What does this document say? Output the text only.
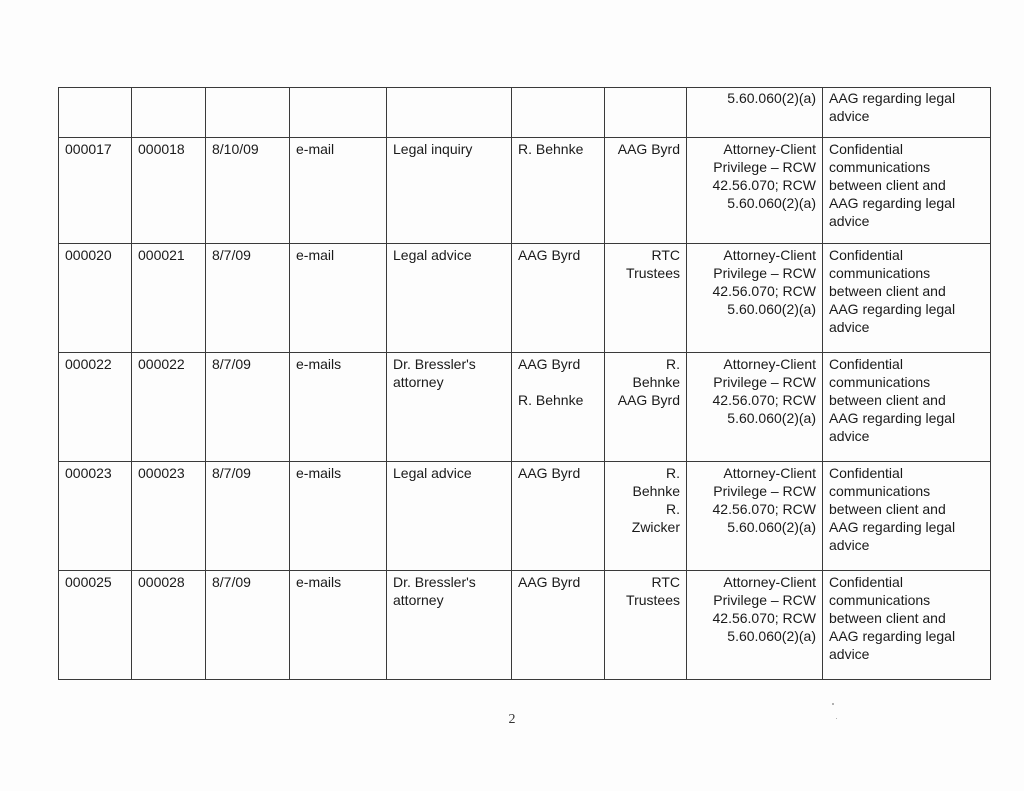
							5.60.060(2)(a)	AAG regarding legal
advice

000017	000018	8/10/09	e-mail	Legal inquiry	R. Behnke	AAG Byrd	Attorney-Client
Privilege – RCW
42.56.070; RCW
5.60.060(2)(a)	Confidential
communications
between client and
AAG regarding legal
advice

000020	000021	8/7/09	e-mail	Legal advice	AAG Byrd	RTC
Trustees	Attorney-Client
Privilege – RCW
42.56.070; RCW
5.60.060(2)(a)	Confidential
communications
between client and
AAG regarding legal
advice

000022	000022	8/7/09	e-mails	Dr. Bressler's
attorney	AAG Byrd
R. Behnke	R.
Behnke
AAG Byrd	Attorney-Client
Privilege – RCW
42.56.070; RCW
5.60.060(2)(a)	Confidential
communications
between client and
AAG regarding legal
advice

000023	000023	8/7/09	e-mails	Legal advice	AAG Byrd	R.
Behnke
R.
Zwicker	Attorney-Client
Privilege – RCW
42.56.070; RCW
5.60.060(2)(a)	Confidential
communications
between client and
AAG regarding legal
advice

000025	000028	8/7/09	e-mails	Dr. Bressler's
attorney	AAG Byrd	RTC
Trustees	Attorney-Client
Privilege – RCW
42.56.070; RCW
5.60.060(2)(a)	Confidential
communications
between client and
AAG regarding legal
advice
2
